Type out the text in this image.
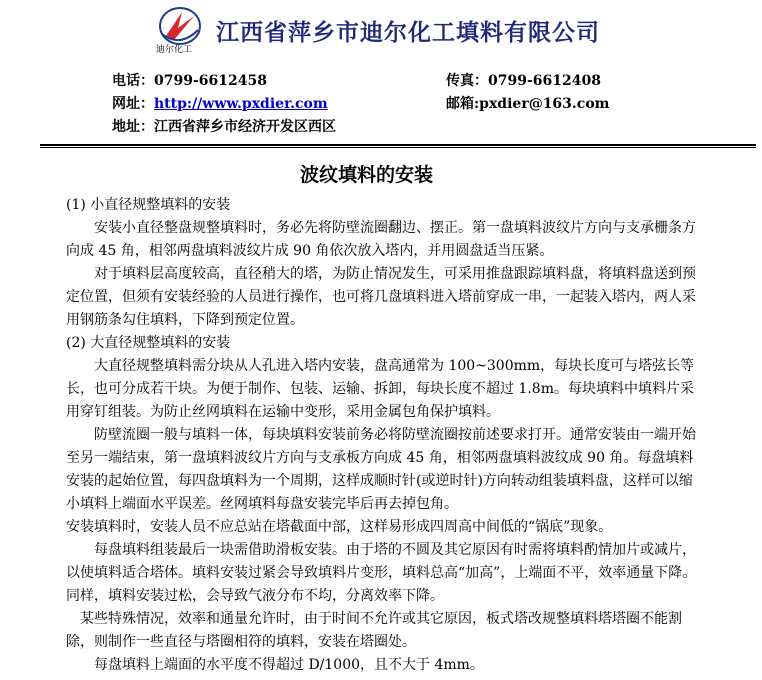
迪尔化工
江西省萍乡市迪尔化工填料有限公司
电话：0799-6612458	传真：0799-6612408
网址：http://www.pxdier.com	邮箱:pxdier@163.com
地址：江西省萍乡市经济开发区西区
波纹填料的安装

(1) 小直径规整填料的安装

安装小直径整盘规整填料时，务必先将防壁流圈翻边、摆正。第一盘填料波纹片方向与支承栅条方向成 45 角，相邻两盘填料波纹片成 90 角依次放入塔内，并用圆盘适当压紧。

对于填料层高度较高，直径稍大的塔，为防止情况发生，可采用推盘跟踪填料盘，将填料盘送到预定位置，但须有安装经验的人员进行操作，也可将几盘填料进入塔前穿成一串，一起装入塔内，两人采用钢筋条勾住填料，下降到预定位置。

(2) 大直径规整填料的安装

大直径规整填料需分块从人孔进入塔内安装，盘高通常为 100~300mm，每块长度可与塔弦长等长，也可分成若干块。为便于制作、包装、运输、拆卸，每块长度不超过 1.8m。每块填料中填料片采用穿钉组装。为防止丝网填料在运输中变形，采用金属包角保护填料。

防壁流圈一般与填料一体，每块填料安装前务必将防壁流圈按前述要求打开。通常安装由一端开始至另一端结束，第一盘填料波纹片方向与支承板方向成 45 角，相邻两盘填料波纹成 90 角。每盘填料安装的起始位置，每四盘填料为一个周期，这样成顺时针(或逆时针)方向转动组装填料盘，这样可以缩小填料上端面水平误差。丝网填料每盘安装完毕后再去掉包角。

安装填料时，安装人员不应总站在塔截面中部，这样易形成四周高中间低的“锅底”现象。

每盘填料组装最后一块需借助滑板安装。由于塔的不圆及其它原因有时需将填料酌情加片或减片，以使填料适合塔体。填料安装过紧会导致填料片变形，填料总高“加高”，上端面不平，效率通量下降。同样，填料安装过松，会导致气液分布不均，分离效率下降。

某些特殊情况，效率和通量允许时，由于时间不允许或其它原因，板式塔改规整填料塔塔圈不能割除，则制作一些直径与塔圈相符的填料，安装在塔圈处。

每盘填料上端面的水平度不得超过 D/1000，且不大于 4mm。
